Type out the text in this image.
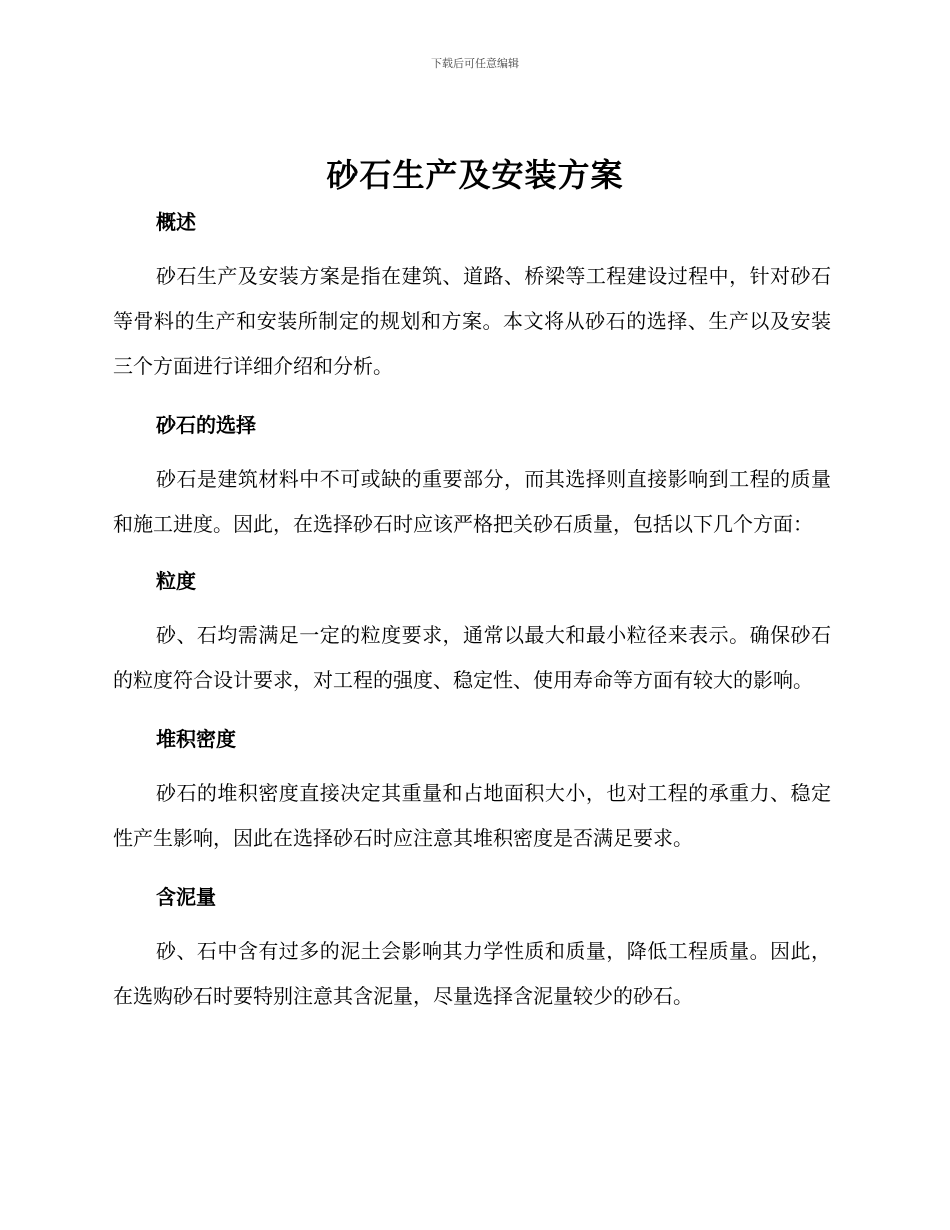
下载后可任意编辑
砂石生产及安装方案
概述

砂石生产及安装方案是指在建筑、道路、桥梁等工程建设过程中，针对砂石等骨料的生产和安装所制定的规划和方案。本文将从砂石的选择、生产以及安装三个方面进行详细介绍和分析。

砂石的选择

砂石是建筑材料中不可或缺的重要部分，而其选择则直接影响到工程的质量和施工进度。因此，在选择砂石时应该严格把关砂石质量，包括以下几个方面：

粒度

砂、石均需满足一定的粒度要求，通常以最大和最小粒径来表示。确保砂石的粒度符合设计要求，对工程的强度、稳定性、使用寿命等方面有较大的影响。

堆积密度

砂石的堆积密度直接决定其重量和占地面积大小，也对工程的承重力、稳定性产生影响，因此在选择砂石时应注意其堆积密度是否满足要求。

含泥量

砂、石中含有过多的泥土会影响其力学性质和质量，降低工程质量。因此，在选购砂石时要特别注意其含泥量，尽量选择含泥量较少的砂石。
